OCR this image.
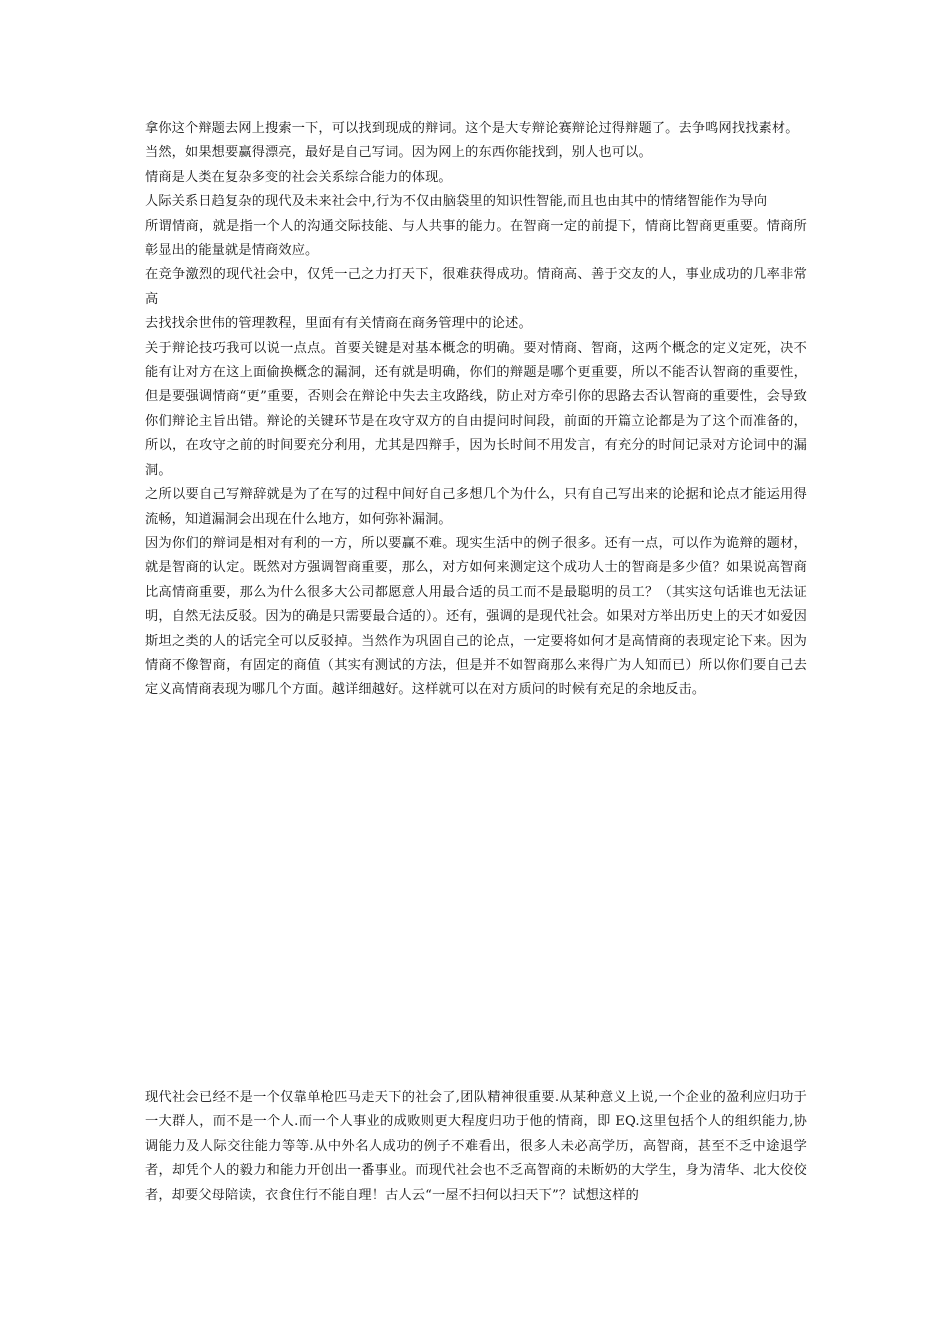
拿你这个辩题去网上搜索一下，可以找到现成的辩词。这个是大专辩论赛辩论过得辩题了。去争鸣网找找素材。

当然，如果想要赢得漂亮，最好是自己写词。因为网上的东西你能找到，别人也可以。

情商是人类在复杂多变的社会关系综合能力的体现。

人际关系日趋复杂的现代及未来社会中,行为不仅由脑袋里的知识性智能,而且也由其中的情绪智能作为导向

所谓情商，就是指一个人的沟通交际技能、与人共事的能力。在智商一定的前提下，情商比智商更重要。情商所彰显出的能量就是情商效应。

在竞争激烈的现代社会中，仅凭一己之力打天下，很难获得成功。情商高、善于交友的人，事业成功的几率非常高

去找找余世伟的管理教程，里面有有关情商在商务管理中的论述。

关于辩论技巧我可以说一点点。首要关键是对基本概念的明确。要对情商、智商，这两个概念的定义定死，决不能有让对方在这上面偷换概念的漏洞，还有就是明确，你们的辩题是哪个更重要，所以不能否认智商的重要性，但是要强调情商“更”重要，否则会在辩论中失去主攻路线，防止对方牵引你的思路去否认智商的重要性，会导致你们辩论主旨出错。辩论的关键环节是在攻守双方的自由提问时间段，前面的开篇立论都是为了这个而准备的，所以，在攻守之前的时间要充分利用，尤其是四辩手，因为长时间不用发言，有充分的时间记录对方论词中的漏洞。

之所以要自己写辩辞就是为了在写的过程中间好自己多想几个为什么，只有自己写出来的论据和论点才能运用得流畅，知道漏洞会出现在什么地方，如何弥补漏洞。

因为你们的辩词是相对有利的一方，所以要赢不难。现实生活中的例子很多。还有一点，可以作为诡辩的题材，就是智商的认定。既然对方强调智商重要，那么，对方如何来测定这个成功人士的智商是多少值？如果说高智商比高情商重要，那么为什么很多大公司都愿意人用最合适的员工而不是最聪明的员工？（其实这句话谁也无法证明，自然无法反驳。因为的确是只需要最合适的）。还有，强调的是现代社会。如果对方举出历史上的天才如爱因斯坦之类的人的话完全可以反驳掉。当然作为巩固自己的论点，一定要将如何才是高情商的表现定论下来。因为情商不像智商，有固定的商值（其实有测试的方法，但是并不如智商那么来得广为人知而已）所以你们要自己去定义高情商表现为哪几个方面。越详细越好。这样就可以在对方质问的时候有充足的余地反击。

现代社会已经不是一个仅靠单枪匹马走天下的社会了,团队精神很重要.从某种意义上说,一个企业的盈利应归功于一大群人，而不是一个人.而一个人事业的成败则更大程度归功于他的情商，即 EQ.这里包括个人的组织能力,协调能力及人际交往能力等等.从中外名人成功的例子不难看出，很多人未必高学历，高智商，甚至不乏中途退学者，却凭个人的毅力和能力开创出一番事业。而现代社会也不乏高智商的未断奶的大学生，身为清华、北大佼佼者，却要父母陪读，衣食住行不能自理！古人云“一屋不扫何以扫天下”？试想这样的
